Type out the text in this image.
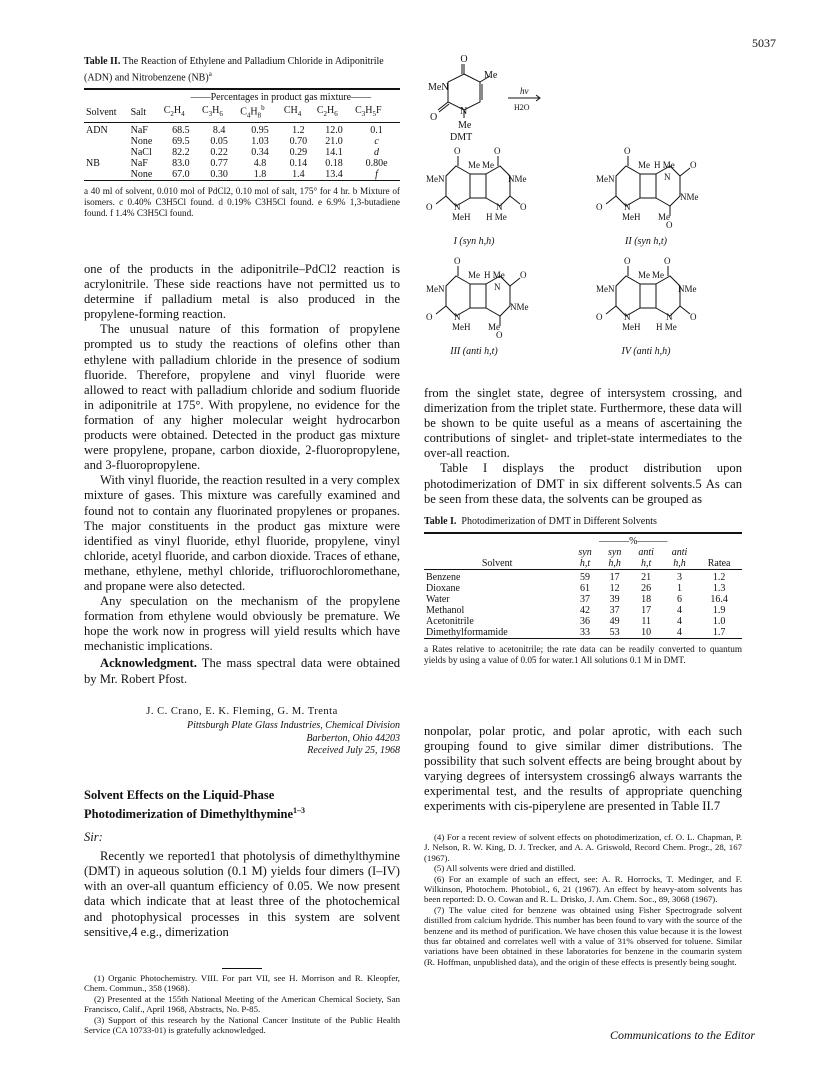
5037
Table II. The Reaction of Ethylene and Palladium Chloride in Adiponitrile (ADN) and Nitrobenzene (NB)$^a$
		——Percentages in product gas mixture——					
Solvent	Salt	$C_2H_4$	$C_3H_6$	$C_4H_8^b$	$CH_4$	$C_2H_6$	$C_3H_5F$

ADN	NaF	68.5	8.4	0.95	1.2	12.0	0.1
	None	69.5	0.05	1.03	0.70	21.0	c
	NaCl	82.2	0.22	0.34	0.29	14.1	d
NB	NaF	83.0	0.77	4.8	0.14	0.18	0.80e
	None	67.0	0.30	1.8	1.4	13.4	f

a 40 ml of solvent, 0.010 mol of PdCl2, 0.10 mol of salt, 175° for 4 hr. b Mixture of isomers. c 0.40% C3H5Cl found. d 0.19% C3H5Cl found. e 6.9% 1,3-butadiene found. f 1.4% C3H5Cl found.

one of the products in the adiponitrile–PdCl2 reaction is acrylonitrile. These side reactions have not permitted us to determine if palladium metal is also produced in the propylene-forming reaction.

The unusual nature of this formation of propylene prompted us to study the reactions of olefins other than ethylene with palladium chloride in the presence of sodium fluoride. Therefore, propylene and vinyl fluoride were allowed to react with palladium chloride and sodium fluoride in adiponitrile at 175°. With propylene, no evidence for the formation of any higher molecular weight hydrocarbon products were obtained. Detected in the product gas mixture were propylene, propane, carbon dioxide, 2-fluoropropylene, and 3-fluoropropylene.

With vinyl fluoride, the reaction resulted in a very complex mixture of gases. This mixture was carefully examined and found not to contain any fluorinated propylenes or propanes. The major constituents in the product gas mixture were identified as vinyl fluoride, ethyl fluoride, propylene, vinyl chloride, acetyl fluoride, and carbon dioxide. Traces of ethane, methane, ethylene, methyl chloride, trifluorochloromethane, and propane were also detected.

Any speculation on the mechanism of the propylene formation from ethylene would obviously be premature. We hope the work now in progress will yield results which have mechanistic implications.

Acknowledgment. The mass spectral data were obtained by Mr. Robert Pfost.

J. C. Crano, E. K. Fleming, G. M. Trenta
Pittsburgh Plate Glass Industries, Chemical Division
Barberton, Ohio 44203
Received July 25, 1968
Solvent Effects on the Liquid-Phase
Photodimerization of Dimethylthymine$^{1-3}$
Sir:

Recently we reported1 that photolysis of dimethylthymine (DMT) in aqueous solution (0.1 M) yields four dimers (I–IV) with an over-all quantum efficiency of 0.05. We now present data which indicate that at least three of the photochemical and photophysical processes in this system are solvent sensitive,4 e.g., dimerization

(1) Organic Photochemistry. VIII. For part VII, see H. Morrison and R. Kleopfer, Chem. Commun., 358 (1968).
(2) Presented at the 155th National Meeting of the American Chemical Society, San Francisco, Calif., April 1968, Abstracts, No. P-85.
(3) Support of this research by the National Cancer Institute of the Public Health Service (CA 10733-01) is gratefully acknowledged.
O
MeN
Me
N
O
Me
DMT
hν
H2O
O	O
Me Me
MeN	NMe
N	N
O	O
MeH H Me
O
Me H Me
MeN	N
O
N
NMe
O
MeH Me
O
O
Me H Me
MeN	N
O
N
NMe
O
MeH Me
O
O	O
Me Me
MeN	NMe
N	N
O	O
MeH H Me
I (syn h,h)	II (syn h,t)
III (anti h,t)	IV (anti h,h)

from the singlet state, degree of intersystem crossing, and dimerization from the triplet state. Furthermore, these data will be shown to be quite useful as a means of ascertaining the contributions of singlet- and triplet-state intermediates to the over-all reaction.

Table I displays the product distribution upon photodimerization of DMT in six different solvents.5 As can be seen from these data, the solvents can be grouped as

Table I. Photodimerization of DMT in Different Solvents
	———%———				
	syn	syn	anti	anti	
Solvent	h,t	h,h	h,t	h,h	Ratea

Benzene	59	17	21	3	1.2
Dioxane	61	12	26	1	1.3
Water	37	39	18	6	16.4
Methanol	42	37	17	4	1.9
Acetonitrile	36	49	11	4	1.0
Dimethylformamide	33	53	10	4	1.7

a Rates relative to acetonitrile; the rate data can be readily converted to quantum yields by using a value of 0.05 for water.1 All solutions 0.1 M in DMT.

nonpolar, polar protic, and polar aprotic, with each such grouping found to give similar dimer distributions. The possibility that such solvent effects are being brought about by varying degrees of intersystem crossing6 always warrants the experimental test, and the results of appropriate quenching experiments with cis-piperylene are presented in Table II.7

(4) For a recent review of solvent effects on photodimerization, cf. O. L. Chapman, P. J. Nelson, R. W. King, D. J. Trecker, and A. A. Griswold, Record Chem. Progr., 28, 167 (1967).
(5) All solvents were dried and distilled.
(6) For an example of such an effect, see: A. R. Horrocks, T. Medinger, and F. Wilkinson, Photochem. Photobiol., 6, 21 (1967). An effect by heavy-atom solvents has been reported: D. O. Cowan and R. L. Drisko, J. Am. Chem. Soc., 89, 3068 (1967).
(7) The value cited for benzene was obtained using Fisher Spectrograde solvent distilled from calcium hydride. This number has been found to vary with the source of the benzene and its method of purification. We have chosen this value because it is the lowest thus far obtained and correlates well with a value of 31% observed for toluene. Similar variations have been obtained in these laboratories for benzene in the coumarin system (R. Hoffman, unpublished data), and the origin of these effects is presently being sought.
Communications to the Editor
